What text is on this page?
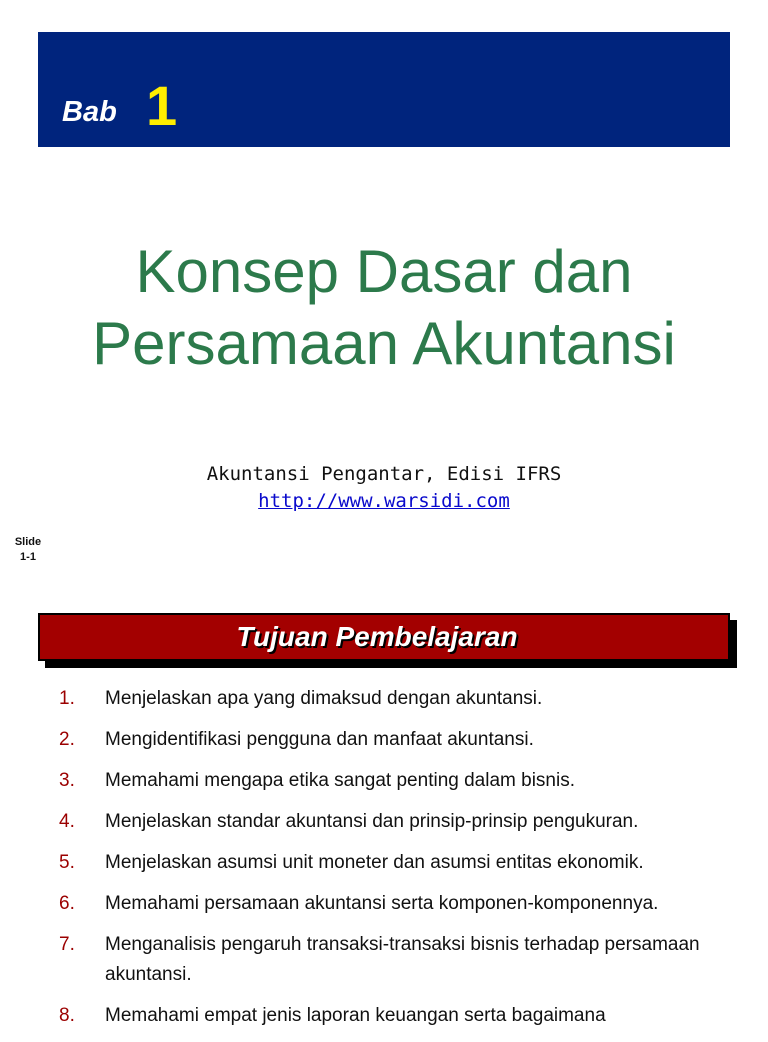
Bab 1
Konsep Dasar dan
Persamaan Akuntansi
Akuntansi Pengantar, Edisi IFRS
http://www.warsidi.com
Slide
1-1
Tujuan Pembelajaran
1.	Menjelaskan apa yang dimaksud dengan akuntansi.
2.	Mengidentifikasi pengguna dan manfaat akuntansi.
3.	Memahami mengapa etika sangat penting dalam bisnis.
4.	Menjelaskan standar akuntansi dan prinsip-prinsip pengukuran.
5.	Menjelaskan asumsi unit moneter dan asumsi entitas ekonomik.
6.	Memahami persamaan akuntansi serta komponen-komponennya.
7.	Menganalisis pengaruh transaksi-transaksi bisnis terhadap persamaan akuntansi.
8.	Memahami empat jenis laporan keuangan serta bagaimana
